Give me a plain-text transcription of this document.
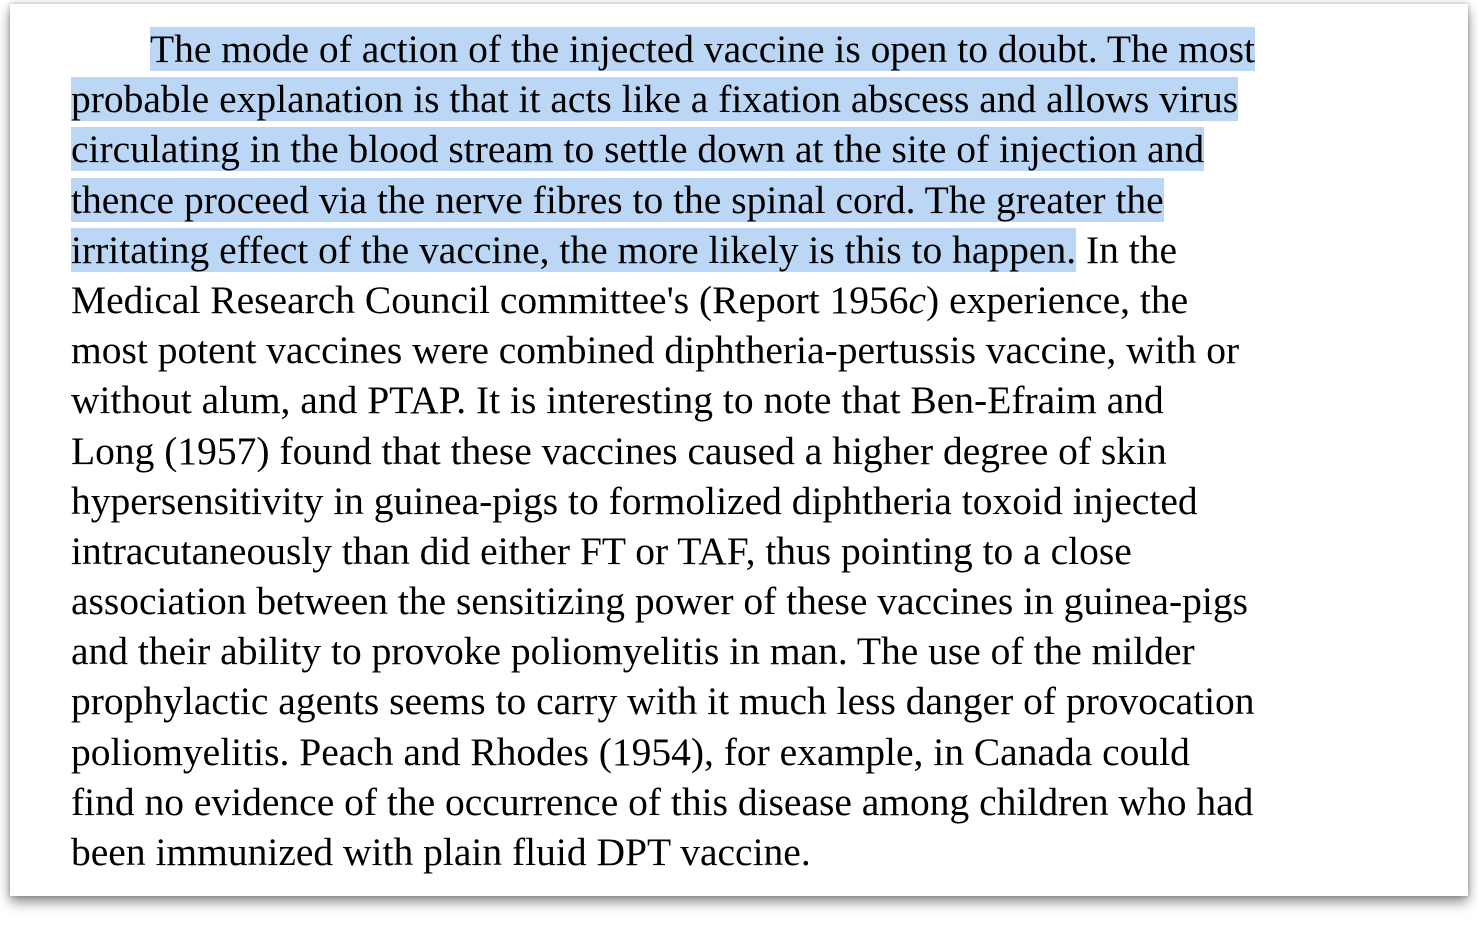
The mode of action of the injected vaccine is open to doubt. The most
probable explanation is that it acts like a fixation abscess and allows virus
circulating in the blood stream to settle down at the site of injection and
thence proceed via the nerve fibres to the spinal cord. The greater the
irritating effect of the vaccine, the more likely is this to happen. In the
Medical Research Council committee's (Report 1956c) experience, the
most potent vaccines were combined diphtheria-pertussis vaccine, with or
without alum, and PTAP. It is interesting to note that Ben-Efraim and
Long (1957) found that these vaccines caused a higher degree of skin
hypersensitivity in guinea-pigs to formolized diphtheria toxoid injected
intracutaneously than did either FT or TAF, thus pointing to a close
association between the sensitizing power of these vaccines in guinea-pigs
and their ability to provoke poliomyelitis in man. The use of the milder
prophylactic agents seems to carry with it much less danger of provocation
poliomyelitis. Peach and Rhodes (1954), for example, in Canada could
find no evidence of the occurrence of this disease among children who had
been immunized with plain fluid DPT vaccine.
